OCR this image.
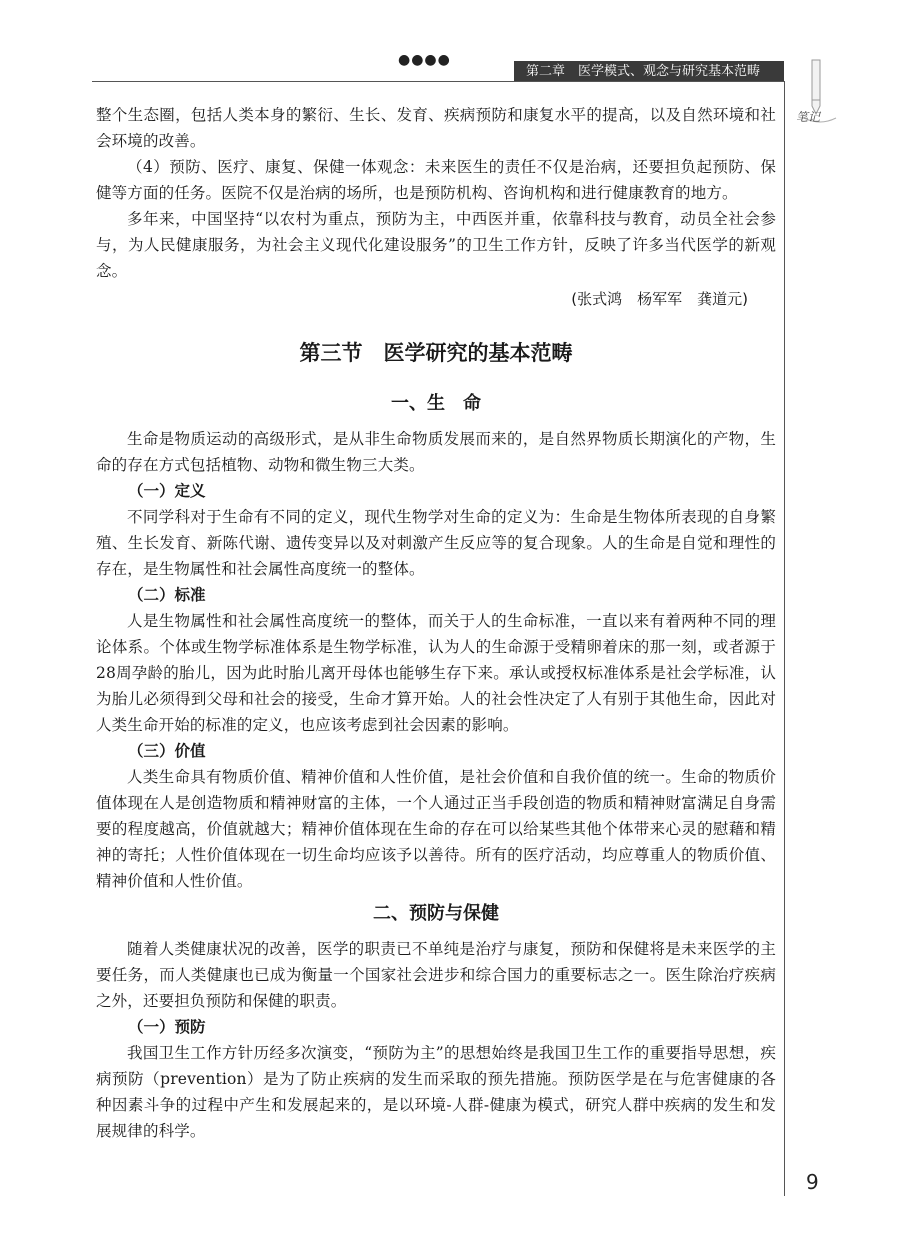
●●●●
第二章　医学模式、观念与研究基本范畴
笔记

整个生态圈，包括人类本身的繁衍、生长、发育、疾病预防和康复水平的提高，以及自然环境和社会环境的改善。

（4）预防、医疗、康复、保健一体观念：未来医生的责任不仅是治病，还要担负起预防、保健等方面的任务。医院不仅是治病的场所，也是预防机构、咨询机构和进行健康教育的地方。

多年来，中国坚持“以农村为重点，预防为主，中西医并重，依靠科技与教育，动员全社会参与，为人民健康服务，为社会主义现代化建设服务”的卫生工作方针，反映了许多当代医学的新观念。

(张式鸿　杨军军　龚道元)
第三节　医学研究的基本范畴
一、生　命

生命是物质运动的高级形式，是从非生命物质发展而来的，是自然界物质长期演化的产物，生命的存在方式包括植物、动物和微生物三大类。

（一）定义

不同学科对于生命有不同的定义，现代生物学对生命的定义为：生命是生物体所表现的自身繁殖、生长发育、新陈代谢、遗传变异以及对刺激产生反应等的复合现象。人的生命是自觉和理性的存在，是生物属性和社会属性高度统一的整体。

（二）标准

人是生物属性和社会属性高度统一的整体，而关于人的生命标准，一直以来有着两种不同的理论体系。个体或生物学标准体系是生物学标准，认为人的生命源于受精卵着床的那一刻，或者源于28周孕龄的胎儿，因为此时胎儿离开母体也能够生存下来。承认或授权标准体系是社会学标准，认为胎儿必须得到父母和社会的接受，生命才算开始。人的社会性决定了人有别于其他生命，因此对人类生命开始的标准的定义，也应该考虑到社会因素的影响。

（三）价值

人类生命具有物质价值、精神价值和人性价值，是社会价值和自我价值的统一。生命的物质价值体现在人是创造物质和精神财富的主体，一个人通过正当手段创造的物质和精神财富满足自身需要的程度越高，价值就越大；精神价值体现在生命的存在可以给某些其他个体带来心灵的慰藉和精神的寄托；人性价值体现在一切生命均应该予以善待。所有的医疗活动，均应尊重人的物质价值、精神价值和人性价值。

二、预防与保健

随着人类健康状况的改善，医学的职责已不单纯是治疗与康复，预防和保健将是未来医学的主要任务，而人类健康也已成为衡量一个国家社会进步和综合国力的重要标志之一。医生除治疗疾病之外，还要担负预防和保健的职责。

（一）预防

我国卫生工作方针历经多次演变，“预防为主”的思想始终是我国卫生工作的重要指导思想，疾病预防（prevention）是为了防止疾病的发生而采取的预先措施。预防医学是在与危害健康的各种因素斗争的过程中产生和发展起来的，是以环境-人群-健康为模式，研究人群中疾病的发生和发展规律的科学。

9
